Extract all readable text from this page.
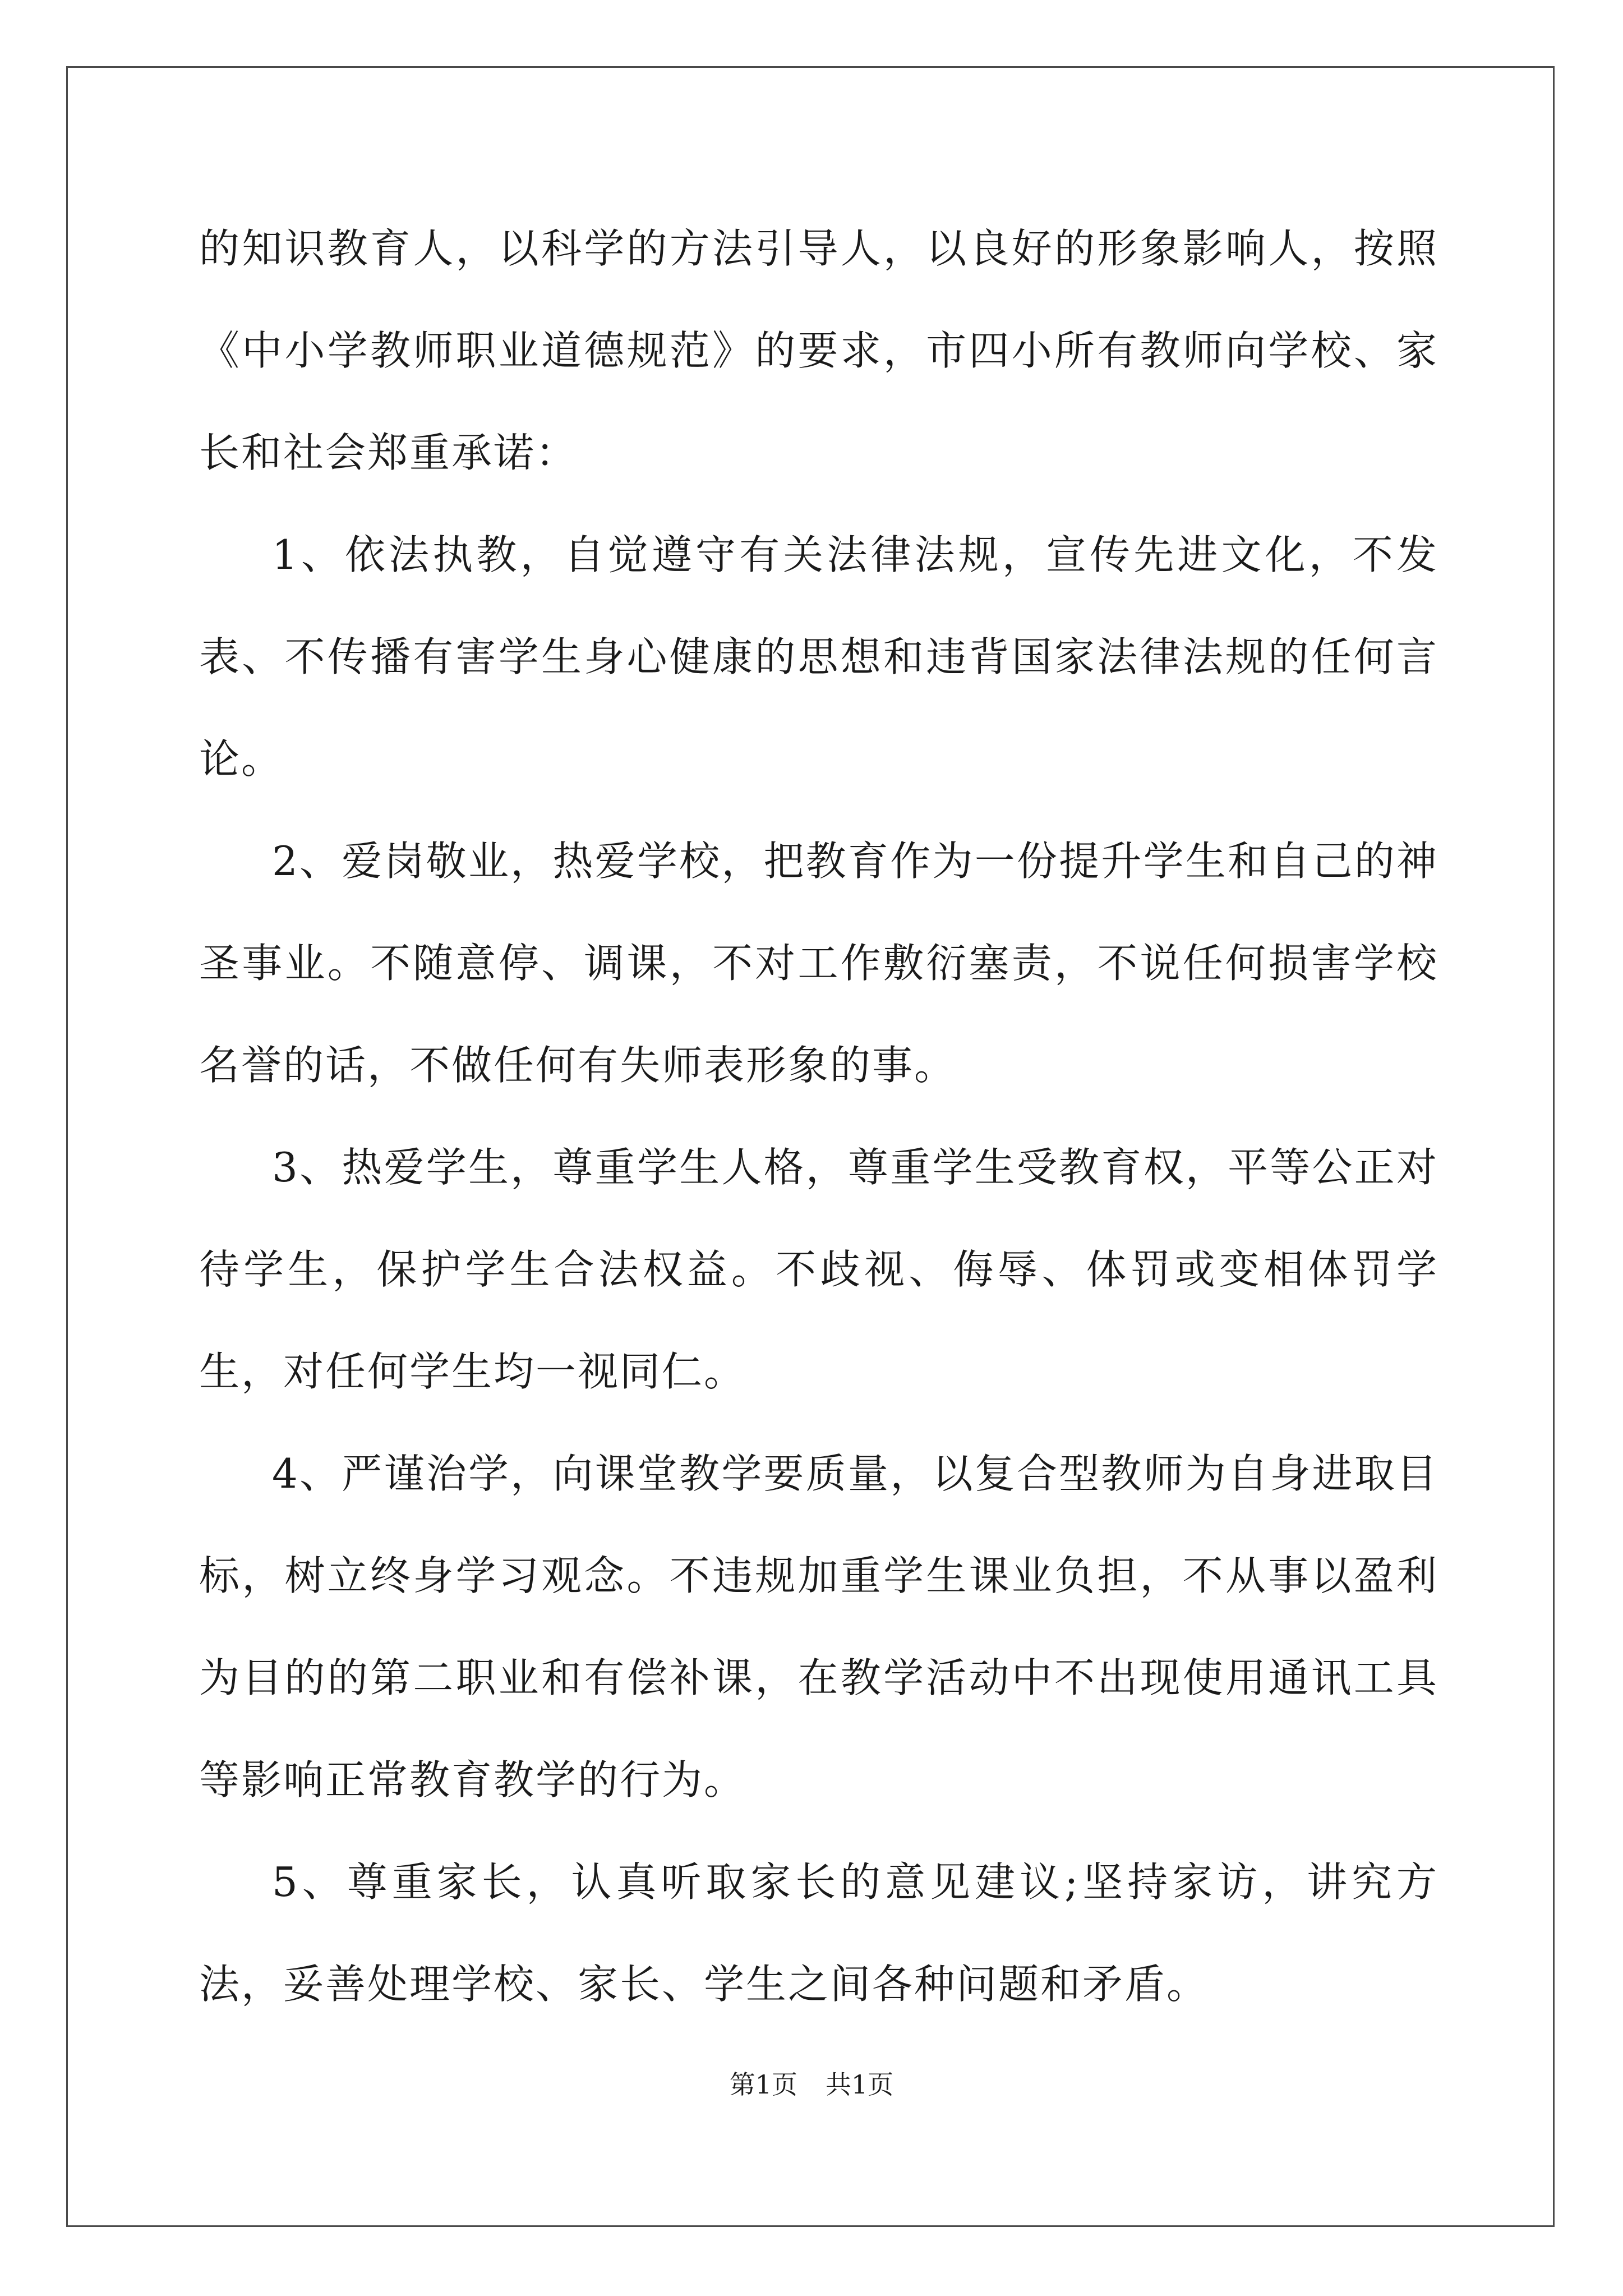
的知识教育人，以科学的方法引导人，以良好的形象影响人，按照《中小学教师职业道德规范》的要求，市四小所有教师向学校、家长和社会郑重承诺：

1、依法执教，自觉遵守有关法律法规，宣传先进文化，不发表、不传播有害学生身心健康的思想和违背国家法律法规的任何言论。

2、爱岗敬业，热爱学校，把教育作为一份提升学生和自己的神圣事业。不随意停、调课，不对工作敷衍塞责，不说任何损害学校名誉的话，不做任何有失师表形象的事。

3、热爱学生，尊重学生人格，尊重学生受教育权，平等公正对待学生，保护学生合法权益。不歧视、侮辱、体罚或变相体罚学生，对任何学生均一视同仁。

4、严谨治学，向课堂教学要质量，以复合型教师为自身进取目标，树立终身学习观念。不违规加重学生课业负担，不从事以盈利为目的的第二职业和有偿补课，在教学活动中不出现使用通讯工具等影响正常教育教学的行为。

5、尊重家长，认真听取家长的意见建议;坚持家访，讲究方法，妥善处理学校、家长、学生之间各种问题和矛盾。

第1页 共1页
